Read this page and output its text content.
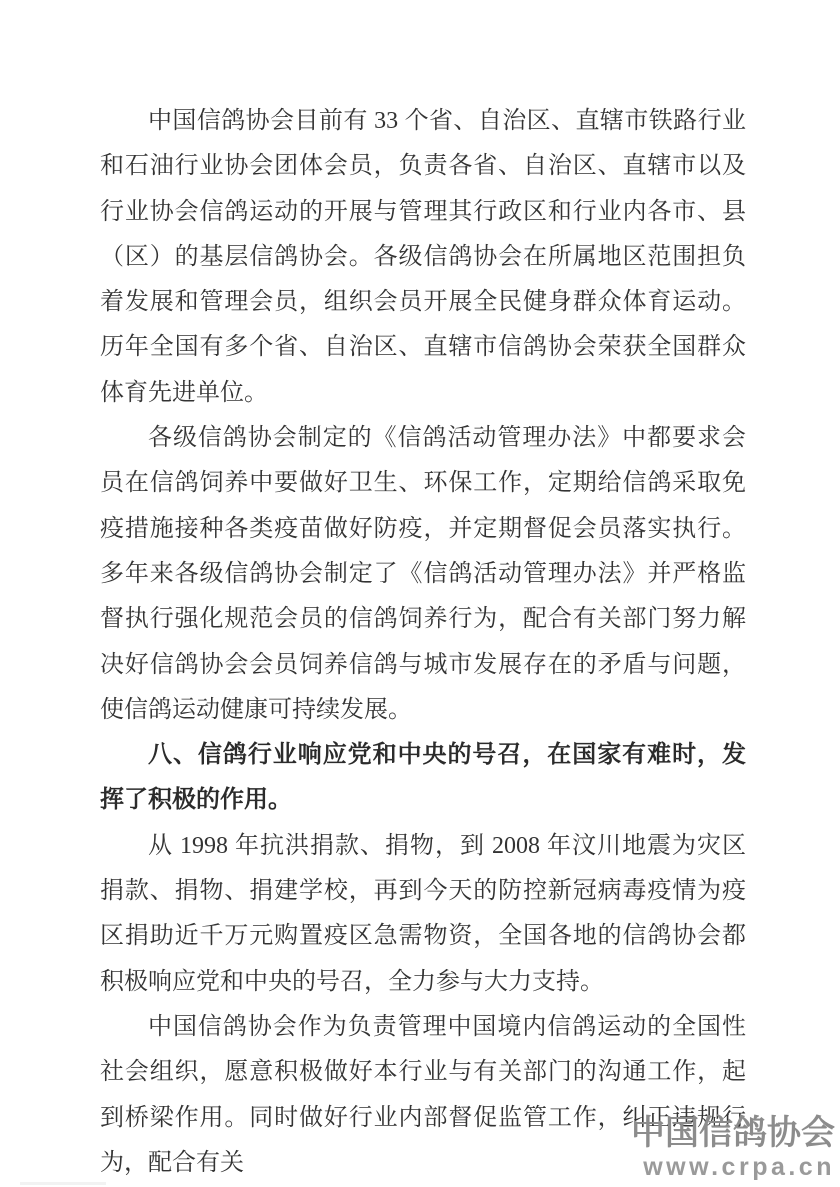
中国信鸽协会目前有 33 个省、自治区、直辖市铁路行业和石油行业协会团体会员，负责各省、自治区、直辖市以及行业协会信鸽运动的开展与管理其行政区和行业内各市、县（区）的基层信鸽协会。各级信鸽协会在所属地区范围担负着发展和管理会员，组织会员开展全民健身群众体育运动。历年全国有多个省、自治区、直辖市信鸽协会荣获全国群众体育先进单位。

各级信鸽协会制定的《信鸽活动管理办法》中都要求会员在信鸽饲养中要做好卫生、环保工作，定期给信鸽采取免疫措施接种各类疫苗做好防疫，并定期督促会员落实执行。多年来各级信鸽协会制定了《信鸽活动管理办法》并严格监督执行强化规范会员的信鸽饲养行为，配合有关部门努力解决好信鸽协会会员饲养信鸽与城市发展存在的矛盾与问题，使信鸽运动健康可持续发展。

八、信鸽行业响应党和中央的号召，在国家有难时，发挥了积极的作用。

从 1998 年抗洪捐款、捐物，到 2008 年汶川地震为灾区捐款、捐物、捐建学校，再到今天的防控新冠病毒疫情为疫区捐助近千万元购置疫区急需物资，全国各地的信鸽协会都积极响应党和中央的号召，全力参与大力支持。

中国信鸽协会作为负责管理中国境内信鸽运动的全国性社会组织，愿意积极做好本行业与有关部门的沟通工作，起到桥梁作用。同时做好行业内部督促监管工作，纠正违规行为，配合有关

中国信鸽协会
www.crpa.cn
